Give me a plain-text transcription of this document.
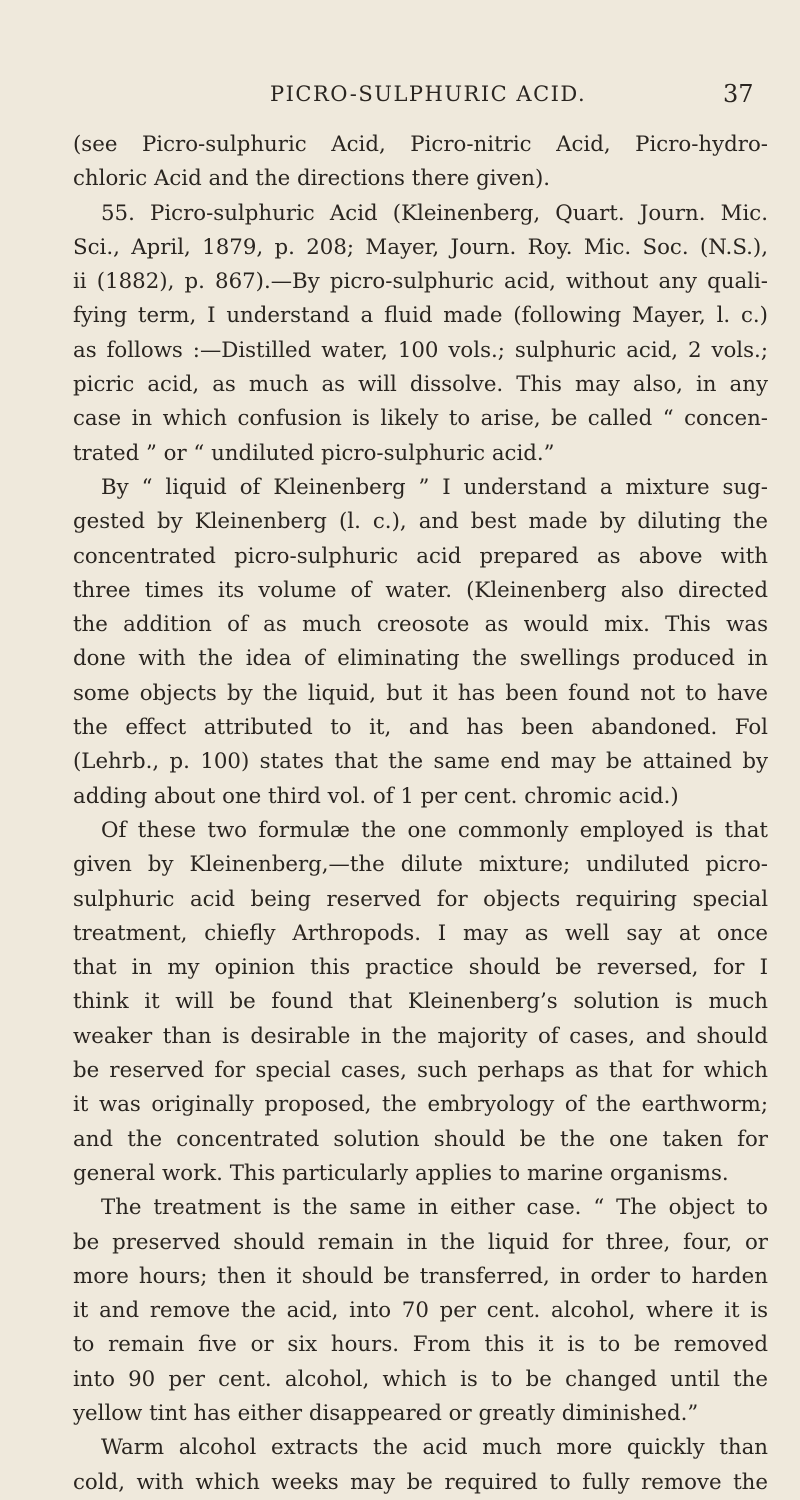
PICRO-SULPHURIC ACID.	37
(see Picro-sulphuric Acid, Picro-nitric Acid, Picro-hydro-
chloric Acid and the directions there given).
55. Picro-sulphuric Acid (Kleinenberg, Quart. Journ. Mic.
Sci., April, 1879, p. 208; Mayer, Journ. Roy. Mic. Soc. (N.S.),
ii (1882), p. 867).—By picro-sulphuric acid, without any quali-
fying term, I understand a fluid made (following Mayer, l. c.)
as follows :—Distilled water, 100 vols.; sulphuric acid, 2 vols.;
picric acid, as much as will dissolve. This may also, in any
case in which confusion is likely to arise, be called “ concen-
trated ” or “ undiluted picro-sulphuric acid.”
By “ liquid of Kleinenberg ” I understand a mixture sug-
gested by Kleinenberg (l. c.), and best made by diluting the
concentrated picro-sulphuric acid prepared as above with
three times its volume of water. (Kleinenberg also directed
the addition of as much creosote as would mix. This was
done with the idea of eliminating the swellings produced in
some objects by the liquid, but it has been found not to have
the effect attributed to it, and has been abandoned. Fol
(Lehrb., p. 100) states that the same end may be attained by
adding about one third vol. of 1 per cent. chromic acid.)
Of these two formulæ the one commonly employed is that
given by Kleinenberg,—the dilute mixture; undiluted picro-
sulphuric acid being reserved for objects requiring special
treatment, chiefly Arthropods. I may as well say at once
that in my opinion this practice should be reversed, for I
think it will be found that Kleinenberg’s solution is much
weaker than is desirable in the majority of cases, and should
be reserved for special cases, such perhaps as that for which
it was originally proposed, the embryology of the earthworm;
and the concentrated solution should be the one taken for
general work. This particularly applies to marine organisms.
The treatment is the same in either case. “ The object to
be preserved should remain in the liquid for three, four, or
more hours; then it should be transferred, in order to harden
it and remove the acid, into 70 per cent. alcohol, where it is
to remain five or six hours. From this it is to be removed
into 90 per cent. alcohol, which is to be changed until the
yellow tint has either disappeared or greatly diminished.”
Warm alcohol extracts the acid much more quickly than
cold, with which weeks may be required to fully remove the
